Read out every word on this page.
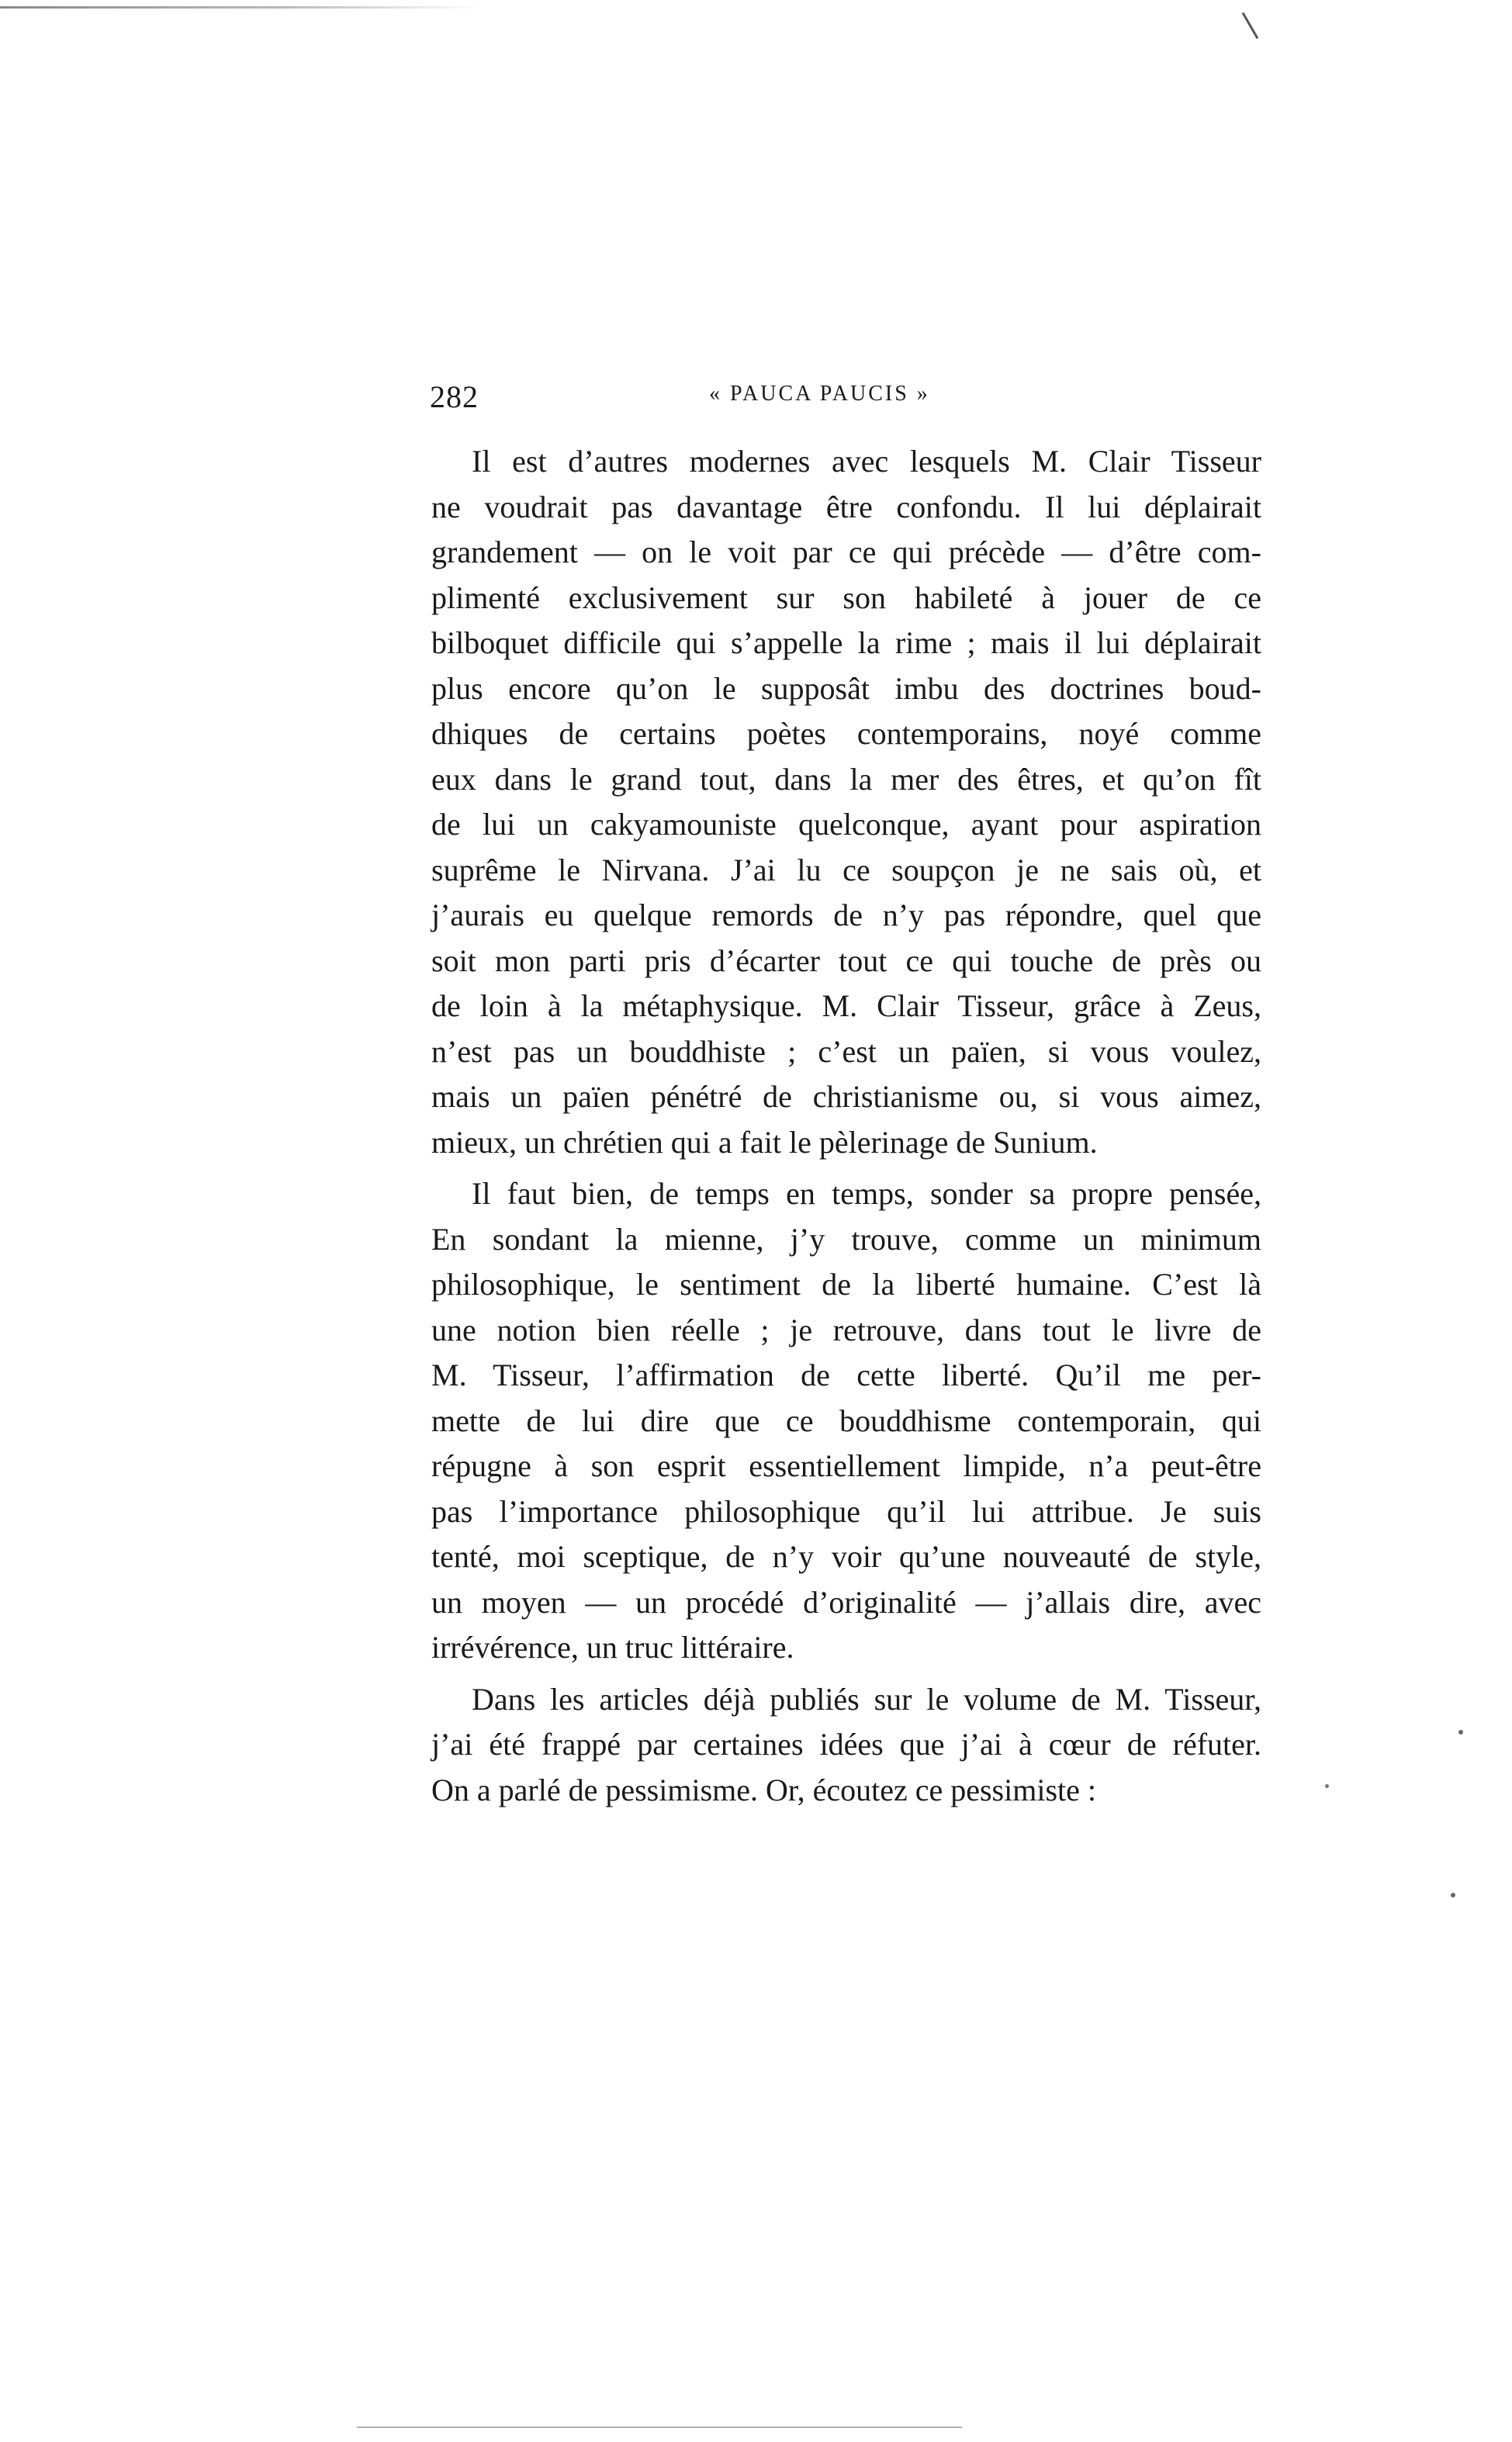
282	« PAUCA PAUCIS »
Il est d’autres modernes avec lesquels M. Clair Tisseur
ne voudrait pas davantage être confondu. Il lui déplairait
grandement — on le voit par ce qui précède — d’être com-
plimenté exclusivement sur son habileté à jouer de ce
bilboquet difficile qui s’appelle la rime ; mais il lui déplairait
plus encore qu’on le supposât imbu des doctrines boud-
dhiques de certains poètes contemporains, noyé comme
eux dans le grand tout, dans la mer des êtres, et qu’on fît
de lui un cakyamouniste quelconque, ayant pour aspiration
suprême le Nirvana. J’ai lu ce soupçon je ne sais où, et
j’aurais eu quelque remords de n’y pas répondre, quel que
soit mon parti pris d’écarter tout ce qui touche de près ou
de loin à la métaphysique. M. Clair Tisseur, grâce à Zeus,
n’est pas un bouddhiste ; c’est un païen, si vous voulez,
mais un païen pénétré de christianisme ou, si vous aimez,
mieux, un chrétien qui a fait le pèlerinage de Sunium.
Il faut bien, de temps en temps, sonder sa propre pensée,
En sondant la mienne, j’y trouve, comme un minimum
philosophique, le sentiment de la liberté humaine. C’est là
une notion bien réelle ; je retrouve, dans tout le livre de
M. Tisseur, l’affirmation de cette liberté. Qu’il me per-
mette de lui dire que ce bouddhisme contemporain, qui
répugne à son esprit essentiellement limpide, n’a peut-être
pas l’importance philosophique qu’il lui attribue. Je suis
tenté, moi sceptique, de n’y voir qu’une nouveauté de style,
un moyen — un procédé d’originalité — j’allais dire, avec
irrévérence, un truc littéraire.
Dans les articles déjà publiés sur le volume de M. Tisseur,
j’ai été frappé par certaines idées que j’ai à cœur de réfuter.
On a parlé de pessimisme. Or, écoutez ce pessimiste :
